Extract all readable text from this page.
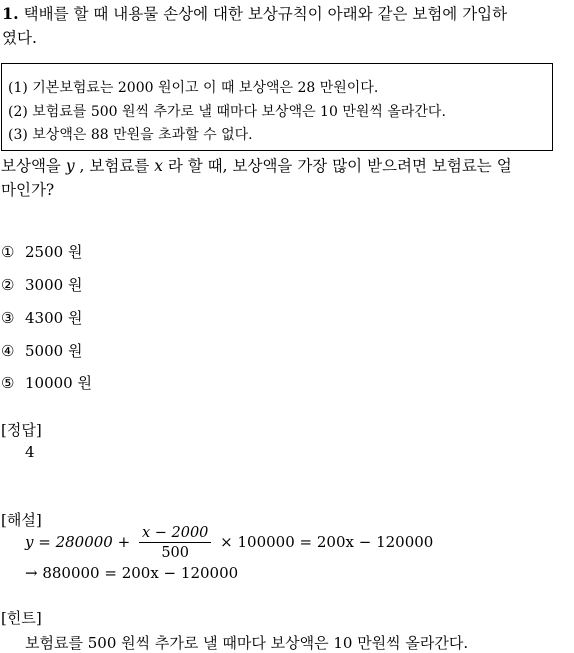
1. 택배를 할 때 내용물 손상에 대한 보상규칙이 아래와 같은 보험에 가입하
였다.
(1) 기본보험료는 2000 원이고 이 때 보상액은 28 만원이다.
(2) 보험료를 500 원씩 추가로 낼 때마다 보상액은 10 만원씩 올라간다.
(3) 보상액은 88 만원을 초과할 수 없다.
보상액을 y , 보험료를 x 라 할 때, 보상액을 가장 많이 받으려면 보험료는 얼
마인가?
① 2500 원
② 3000 원
③ 4300 원
④ 5000 원
⑤ 10000 원
[정답]
4
[해설]
$y = 280000 + \frac{x - 2000}{500} \times 100000 = 200x - 120000$
→ 880000 = 200x − 120000
[힌트]
보험료를 500 원씩 추가로 낼 때마다 보상액은 10 만원씩 올라간다.
